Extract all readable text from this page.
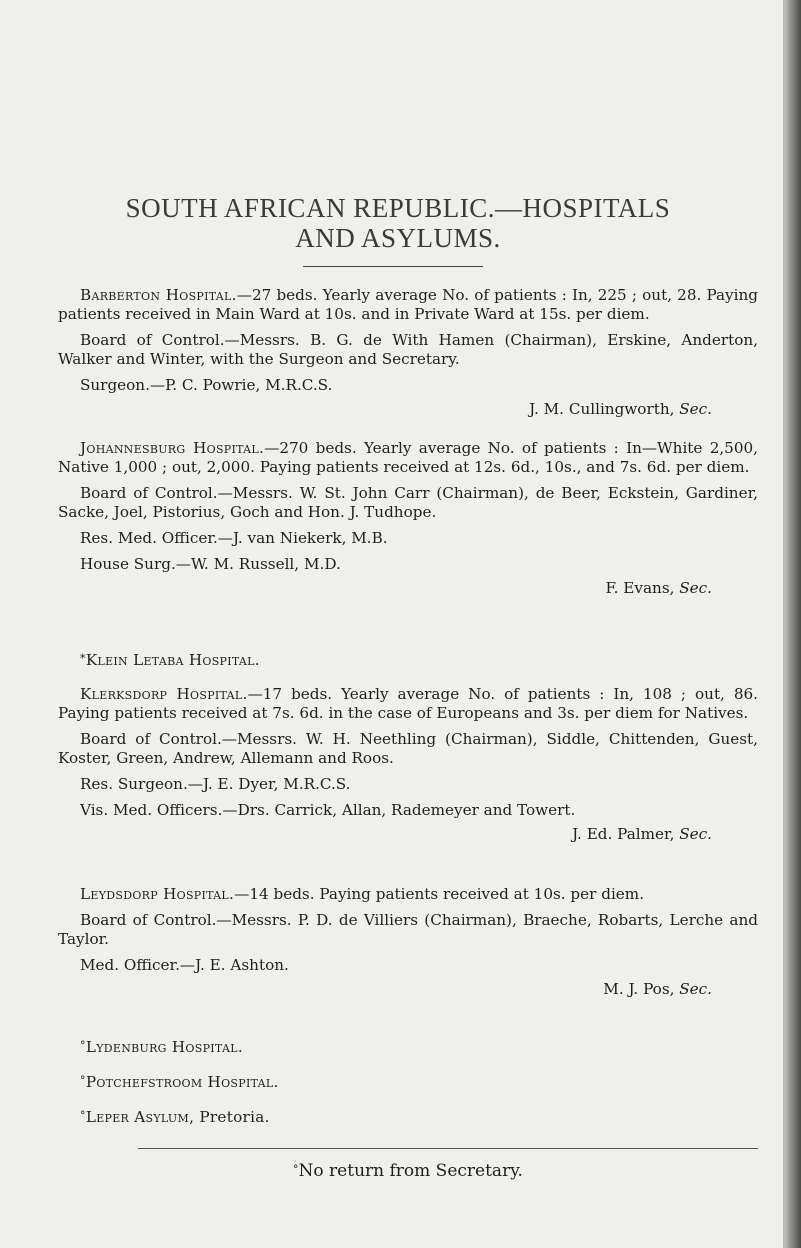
SOUTH AFRICAN REPUBLIC.—HOSPITALS
AND ASYLUMS.

Barberton Hospital.—27 beds. Yearly average No. of patients : In, 225 ; out, 28. Paying patients received in Main Ward at 10s. and in Private Ward at 15s. per diem.

Board of Control.—Messrs. B. G. de With Hamen (Chairman), Erskine, Anderton, Walker and Winter, with the Surgeon and Secretary.

Surgeon.—P. C. Powrie, M.R.C.S.

J. M. Cullingworth, Sec.

Johannesburg Hospital.—270 beds. Yearly average No. of patients : In—White 2,500, Native 1,000 ; out, 2,000. Paying patients received at 12s. 6d., 10s., and 7s. 6d. per diem.

Board of Control.—Messrs. W. St. John Carr (Chairman), de Beer, Eckstein, Gardiner, Sacke, Joel, Pistorius, Goch and Hon. J. Tudhope.

Res. Med. Officer.—J. van Niekerk, M.B.

House Surg.—W. M. Russell, M.D.

F. Evans, Sec.
*Klein Letaba Hospital.

Klerksdorp Hospital.—17 beds. Yearly average No. of patients : In, 108 ; out, 86. Paying patients received at 7s. 6d. in the case of Europeans and 3s. per diem for Natives.

Board of Control.—Messrs. W. H. Neethling (Chairman), Siddle, Chittenden, Guest, Koster, Green, Andrew, Allemann and Roos.

Res. Surgeon.—J. E. Dyer, M.R.C.S.

Vis. Med. Officers.—Drs. Carrick, Allan, Rademeyer and Towert.

J. Ed. Palmer, Sec.

Leydsdorp Hospital.—14 beds. Paying patients received at 10s. per diem.

Board of Control.—Messrs. P. D. de Villiers (Chairman), Braeche, Robarts, Lerche and Taylor.

Med. Officer.—J. E. Ashton.

M. J. Pos, Sec.
°Lydenburg Hospital.
°Potchefstroom Hospital.
°Leper Asylum, Pretoria.
°No return from Secretary.
